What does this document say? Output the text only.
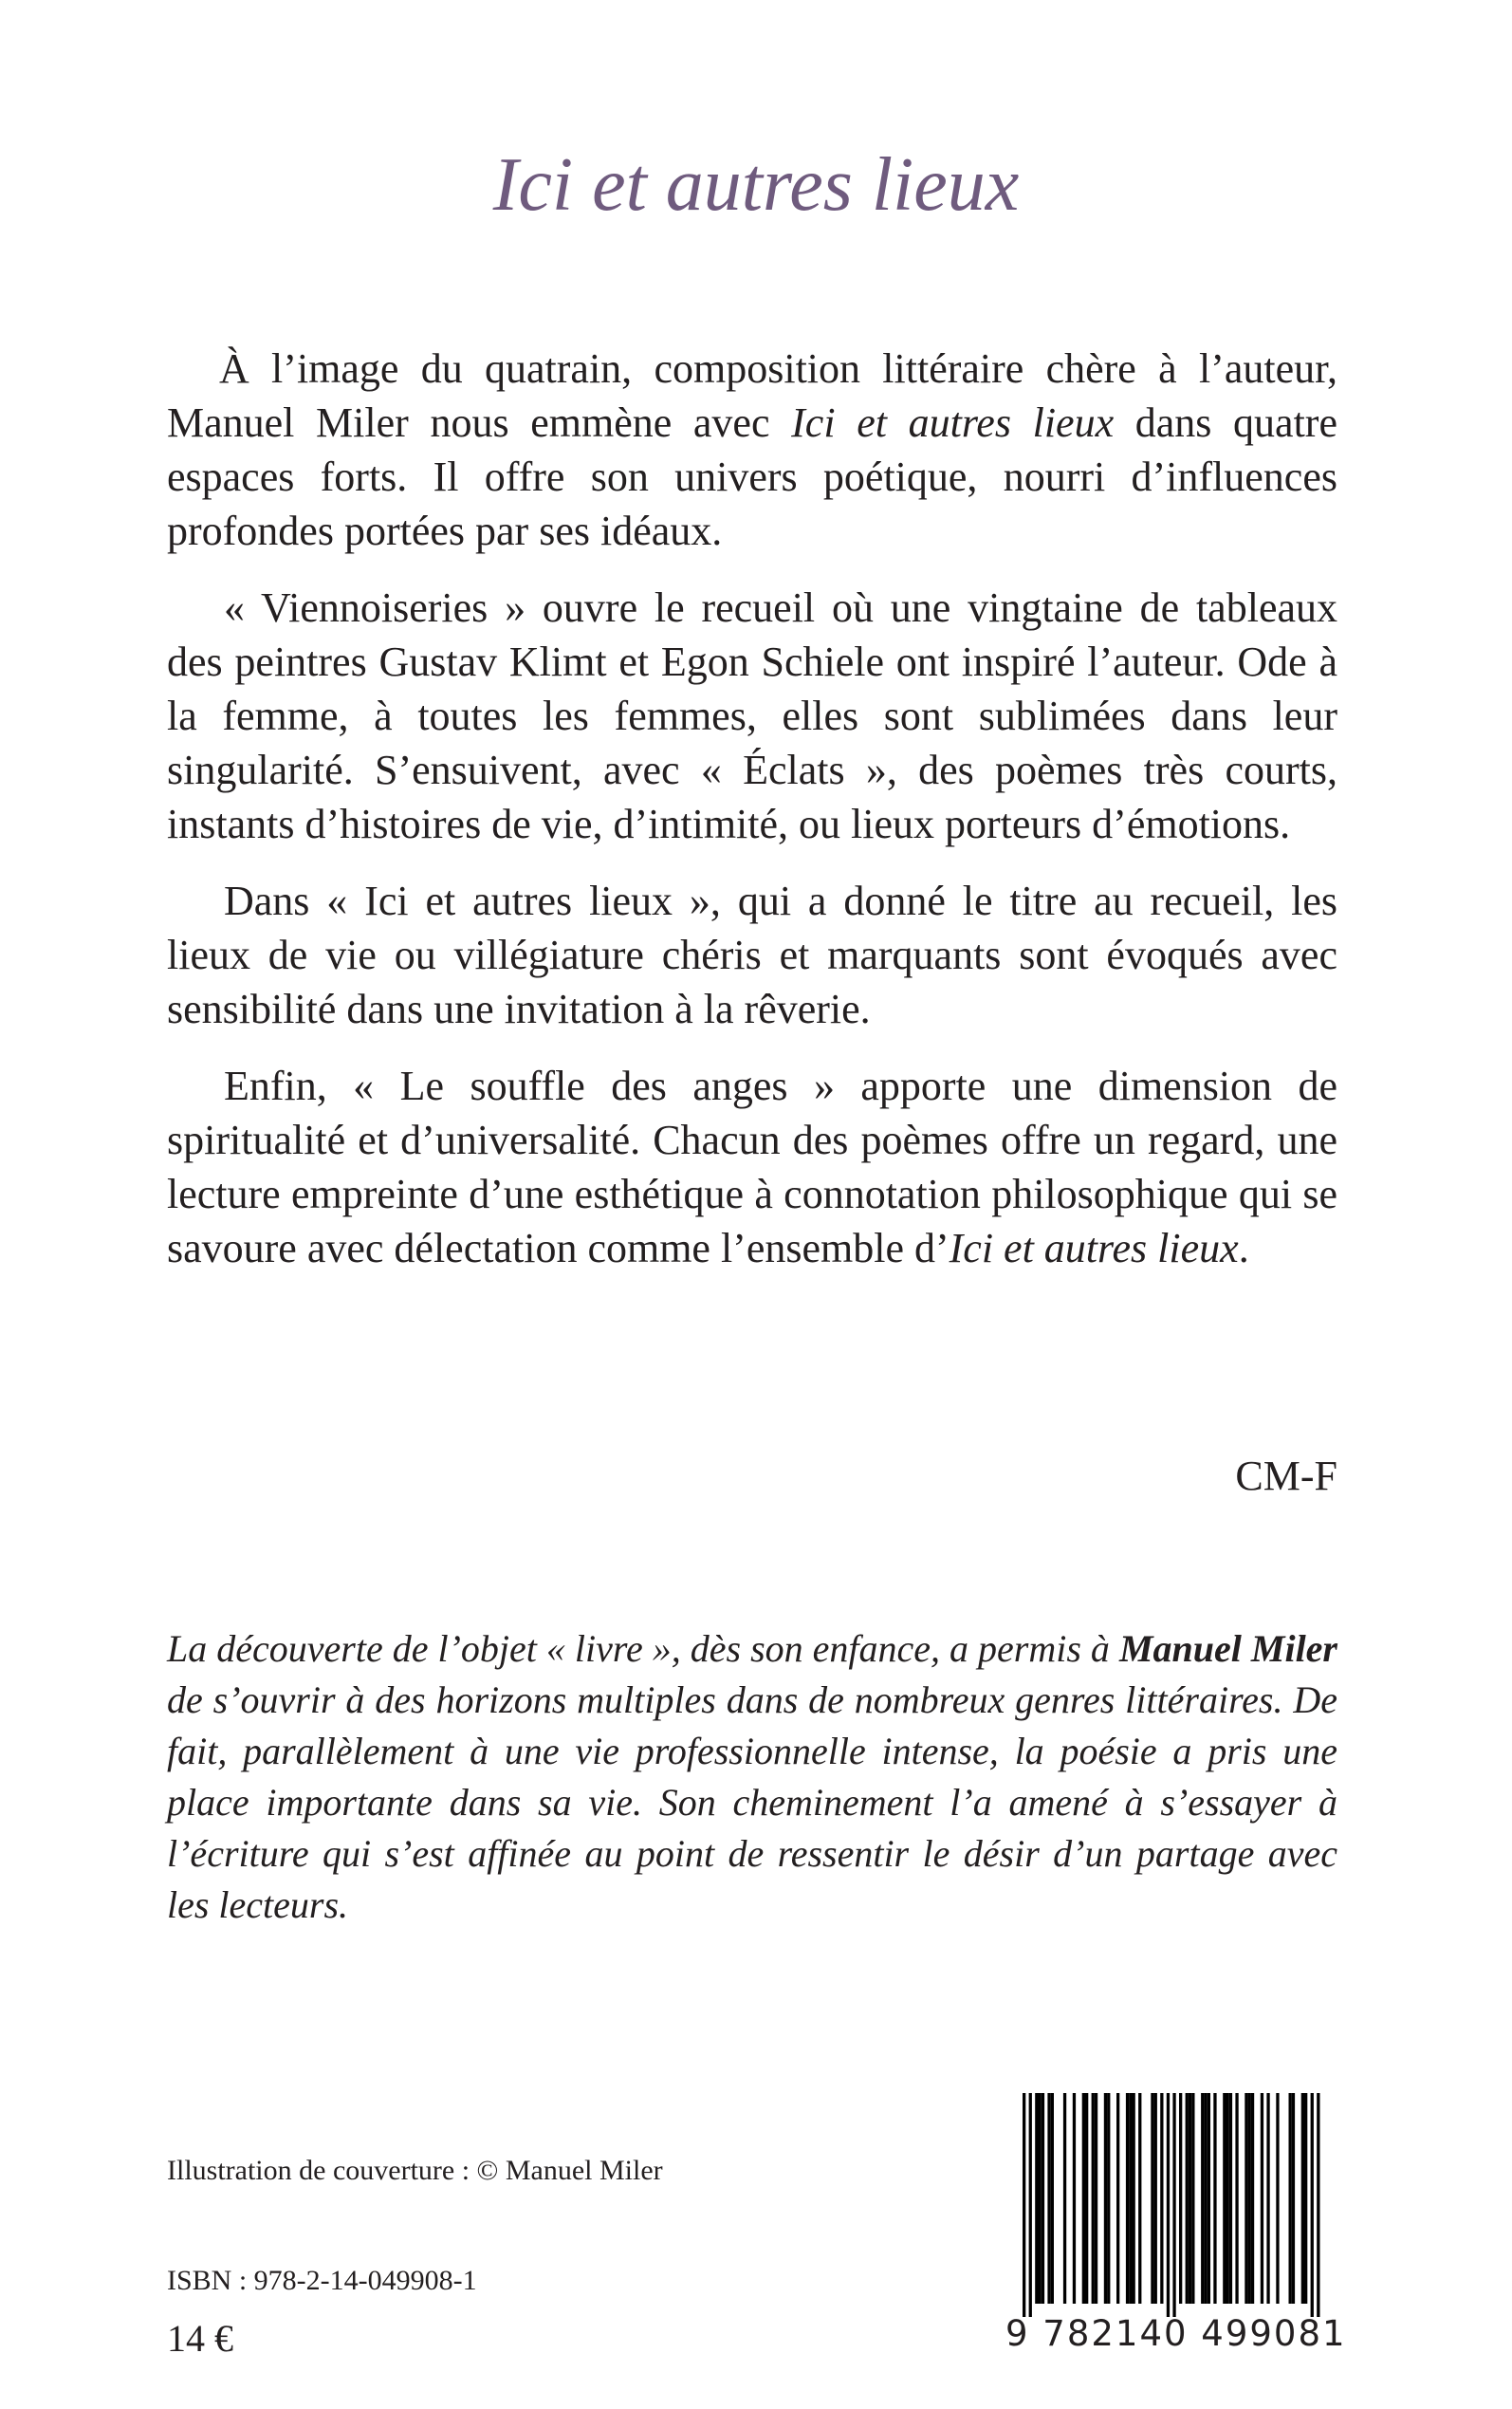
Ici et autres lieux

À l’image du quatrain, composition littéraire chère à l’auteur, Manuel Miler nous emmène avec Ici et autres lieux dans quatre espaces forts. Il offre son univers poétique, nourri d’influences profondes portées par ses idéaux.

« Viennoiseries » ouvre le recueil où une vingtaine de tableaux des peintres Gustav Klimt et Egon Schiele ont inspiré l’auteur. Ode à la femme, à toutes les femmes, elles sont sublimées dans leur singularité. S’ensuivent, avec « Éclats », des poèmes très courts, instants d’histoires de vie, d’intimité, ou lieux porteurs d’émotions.

Dans « Ici et autres lieux », qui a donné le titre au recueil, les lieux de vie ou villégiature chéris et marquants sont évoqués avec sensibilité dans une invitation à la rêverie.

Enfin, « Le souffle des anges » apporte une dimension de spiritualité et d’universalité. Chacun des poèmes offre un regard, une lecture empreinte d’une esthétique à connotation philosophique qui se savoure avec délectation comme l’ensemble d’Ici et autres lieux.

CM-F

La découverte de l’objet « livre », dès son enfance, a permis à Manuel Miler de s’ouvrir à des horizons multiples dans de nombreux genres littéraires. De fait, parallèlement à une vie professionnelle intense, la poésie a pris une place importante dans sa vie. Son cheminement l’a amené à s’essayer à l’écriture qui s’est affinée au point de ressentir le désir d’un partage avec les lecteurs.

Illustration de couverture : © Manuel Miler
ISBN : 978-2-14-049908-1
14 €	9 782140 499081
